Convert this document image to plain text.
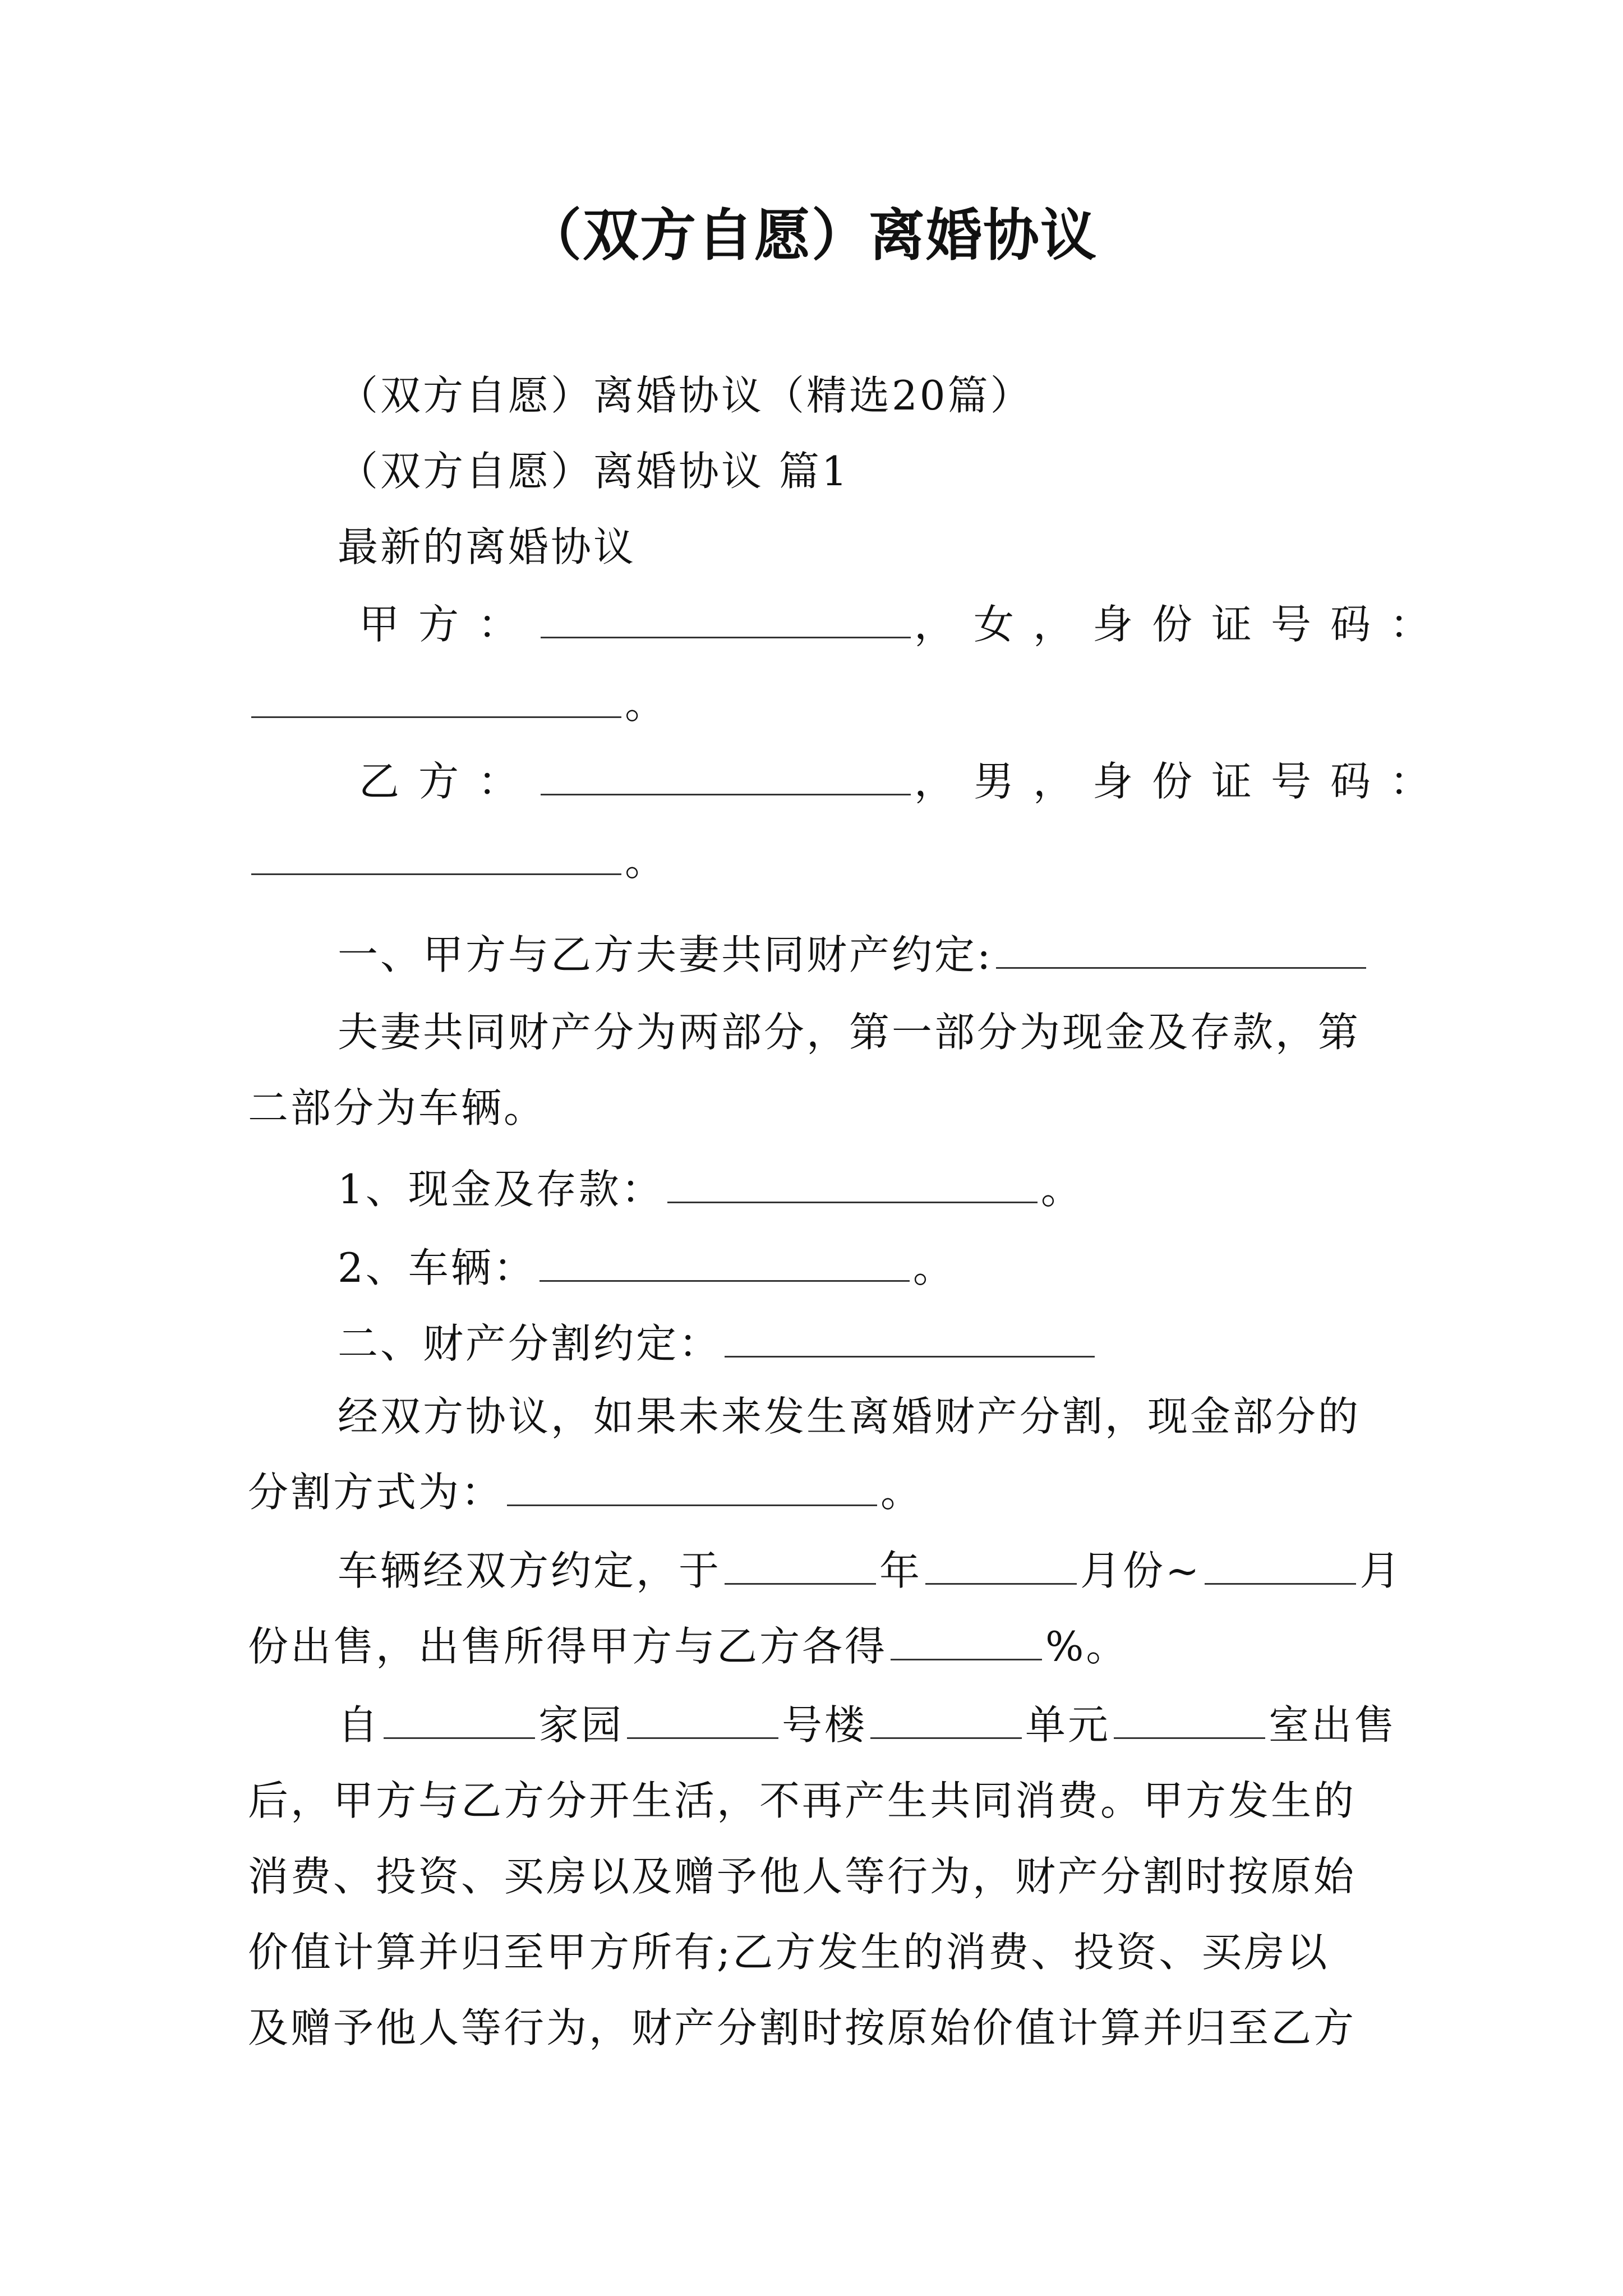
（双方自愿）离婚协议
（双方自愿）离婚协议（精选20篇）
（双方自愿）离婚协议 篇1
最新的离婚协议
甲方：	，女，身份证号码：
。
乙方：	，男，身份证号码：
。
一、甲方与乙方夫妻共同财产约定:
夫妻共同财产分为两部分，第一部分为现金及存款，第
二部分为车辆。
1、现金及存款：	。
2、车辆：	。
二、财产分割约定：
经双方协议，如果未来发生离婚财产分割，现金部分的
分割方式为：	。
车辆经双方约定，于	年	月份~	月
份出售，出售所得甲方与乙方各得	%。
自	家园	号楼	单元	室出售
后，甲方与乙方分开生活，不再产生共同消费。甲方发生的
消费、投资、买房以及赠予他人等行为，财产分割时按原始
价值计算并归至甲方所有;乙方发生的消费、投资、买房以
及赠予他人等行为，财产分割时按原始价值计算并归至乙方
